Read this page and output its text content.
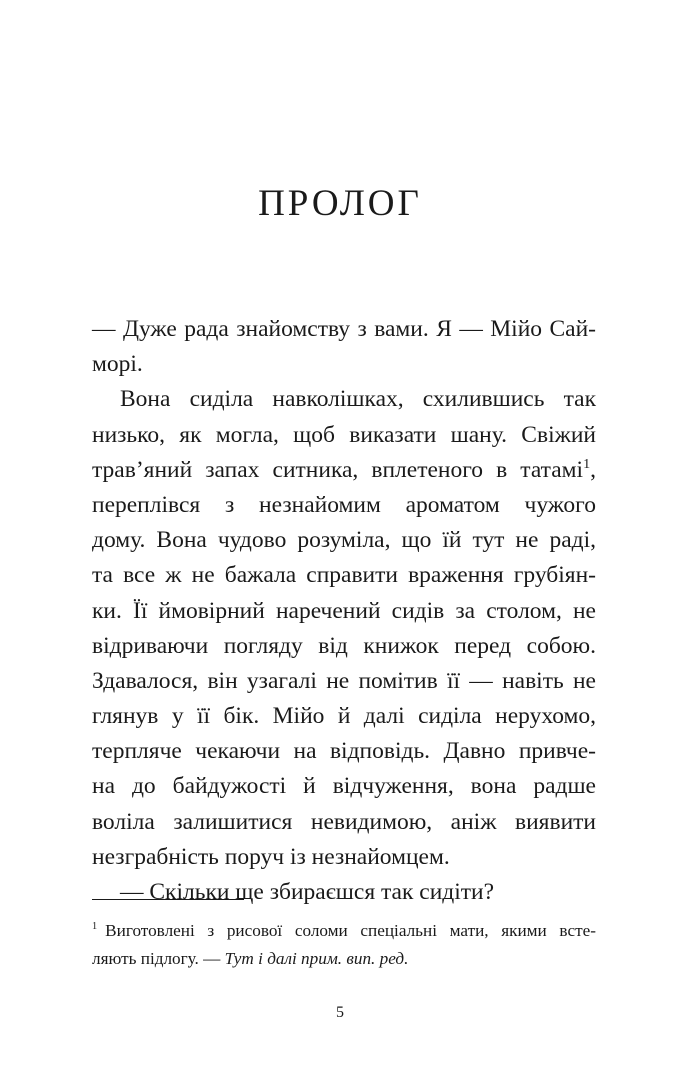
ПРОЛОГ
— Дуже рада знайомству з вами. Я — Мійо Сай-
морі.
Вона сиділа навколішках, схилившись так
низько, як могла, щоб виказати шану. Свіжий
трав’яний запах ситника, вплетеного в татамі$^1$,
переплівся з незнайомим ароматом чужого
дому. Вона чудово розуміла, що їй тут не раді,
та все ж не бажала справити враження грубіян-
ки. Її ймовірний наречений сидів за столом, не
відриваючи погляду від книжок перед собою.
Здавалося, він узагалі не помітив її — навіть не
глянув у її бік. Мійо й далі сиділа нерухомо,
терпляче чекаючи на відповідь. Давно привче-
на до байдужості й відчуження, вона радше
воліла залишитися невидимою, аніж виявити
незграбність поруч із незнайомцем.
— Скільки ще збираєшся так сидіти?
$^1$ Виготовлені з рисової соломи спеціальні мати, якими вcте-
ляють підлогу. — Тут і далі прим. вип. ред.
5
